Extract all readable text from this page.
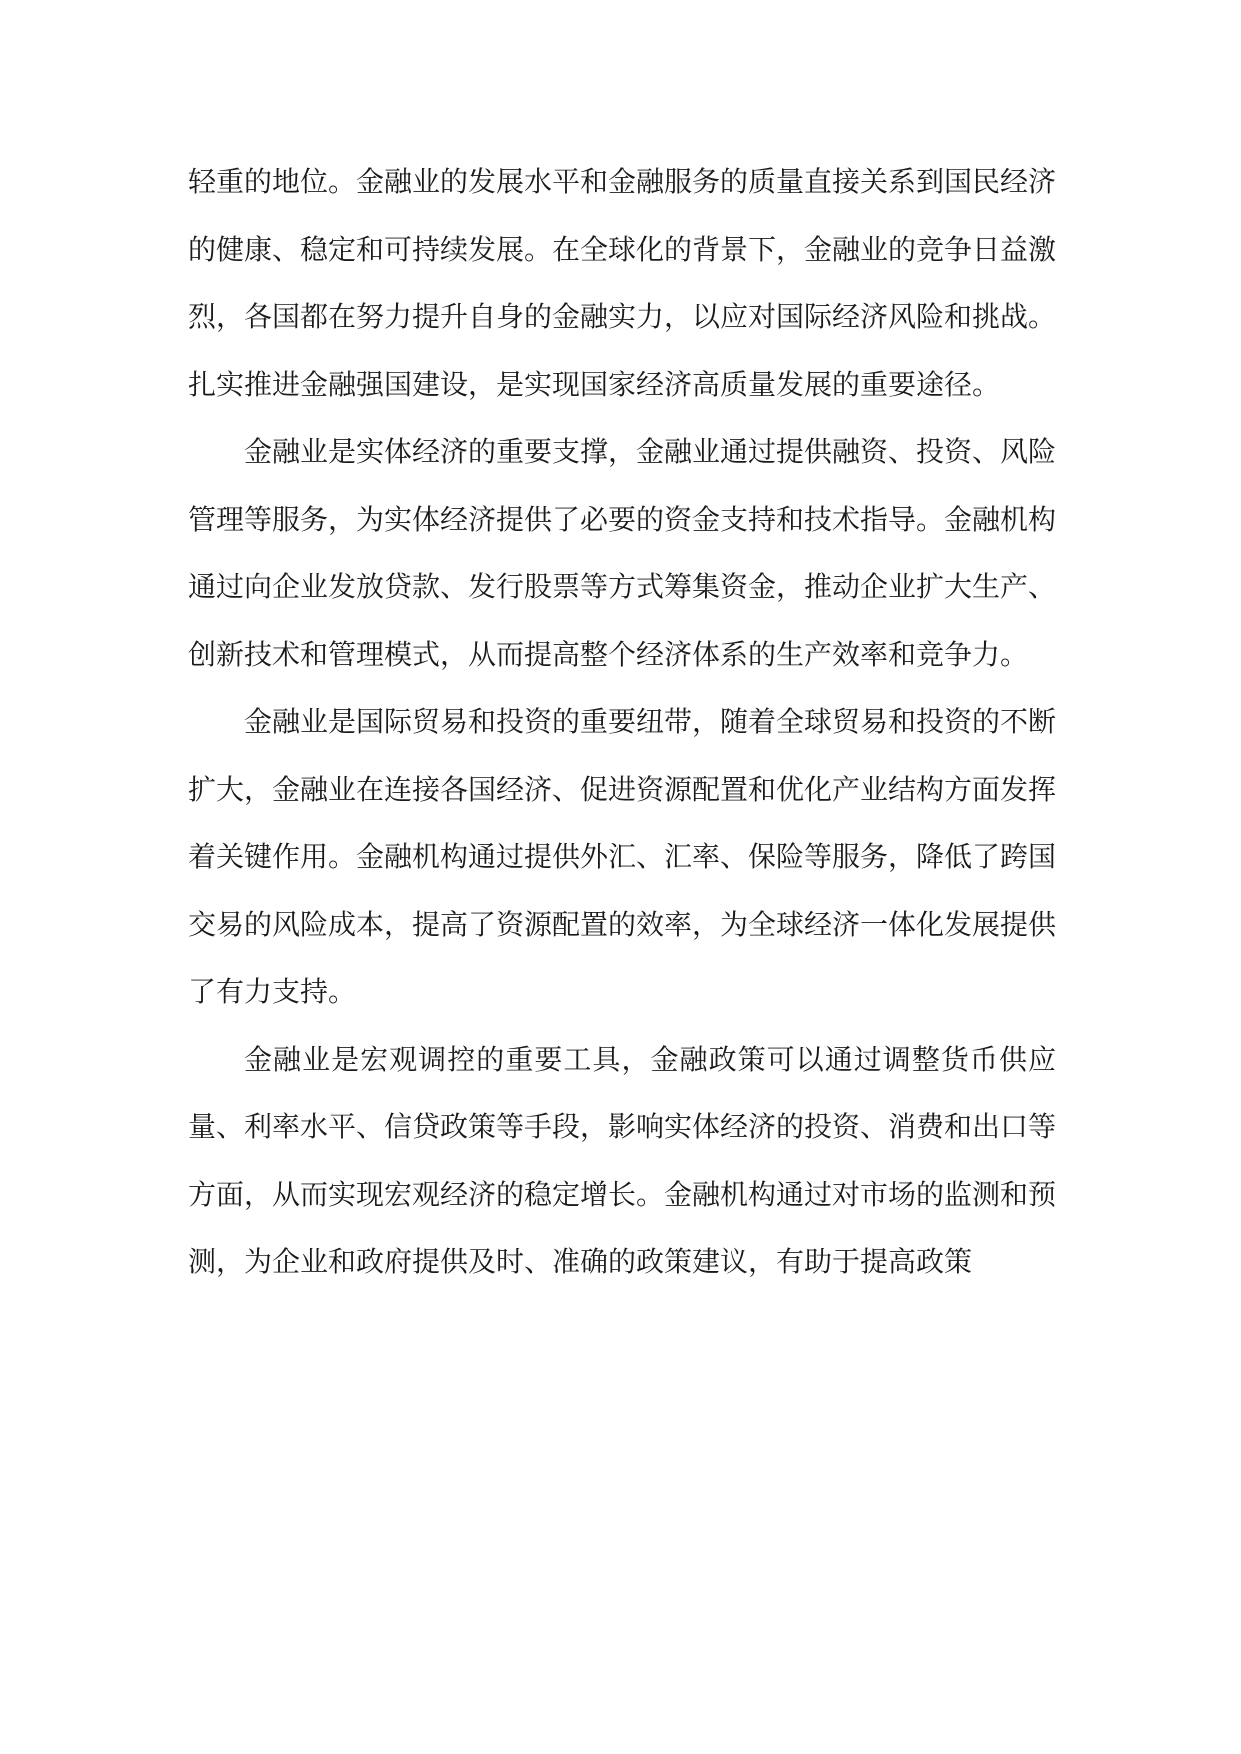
轻重的地位。金融业的发展水平和金融服务的质量直接关系到国民经济的健康、稳定和可持续发展。在全球化的背景下，金融业的竞争日益激烈，各国都在努力提升自身的金融实力，以应对国际经济风险和挑战。扎实推进金融强国建设，是实现国家经济高质量发展的重要途径。

金融业是实体经济的重要支撑，金融业通过提供融资、投资、风险管理等服务，为实体经济提供了必要的资金支持和技术指导。金融机构通过向企业发放贷款、发行股票等方式筹集资金，推动企业扩大生产、创新技术和管理模式，从而提高整个经济体系的生产效率和竞争力。

金融业是国际贸易和投资的重要纽带，随着全球贸易和投资的不断扩大，金融业在连接各国经济、促进资源配置和优化产业结构方面发挥着关键作用。金融机构通过提供外汇、汇率、保险等服务，降低了跨国交易的风险成本，提高了资源配置的效率，为全球经济一体化发展提供了有力支持。

金融业是宏观调控的重要工具，金融政策可以通过调整货币供应量、利率水平、信贷政策等手段，影响实体经济的投资、消费和出口等方面，从而实现宏观经济的稳定增长。金融机构通过对市场的监测和预测，为企业和政府提供及时、准确的政策建议，有助于提高政策
